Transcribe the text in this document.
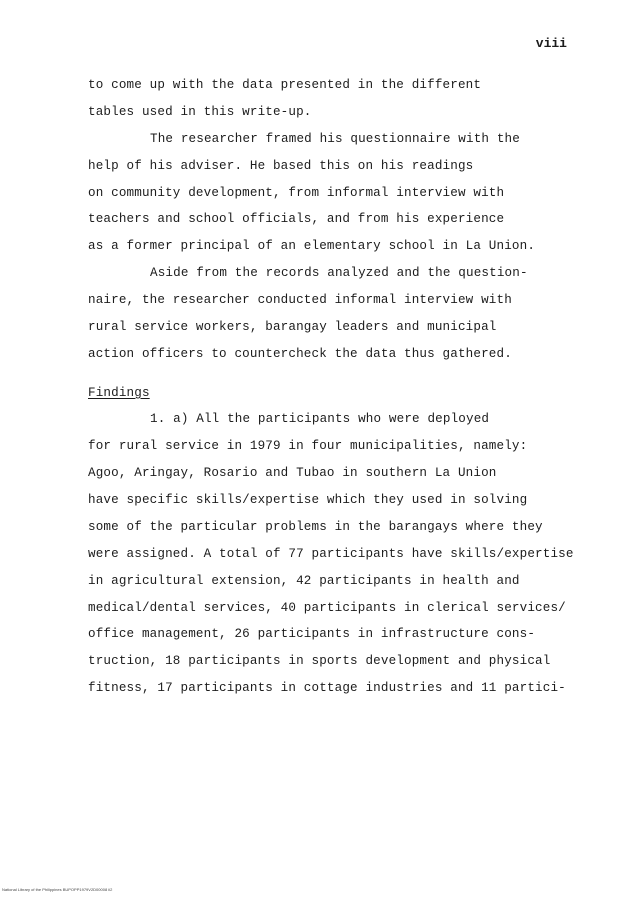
viii
to come up with the data presented in the different
tables used in this write-up.
The researcher framed his questionnaire with the
help of his adviser. He based this on his readings
on community development, from informal interview with
teachers and school officials, and from his experience
as a former principal of an elementary school in La Union.
Aside from the records analyzed and the question-
naire, the researcher conducted informal interview with
rural service workers, barangay leaders and municipal
action officers to countercheck the data thus gathered.
Findings
1. a) All the participants who were deployed
for rural service in 1979 in four municipalities, namely:
Agoo, Aringay, Rosario and Tubao in southern La Union
have specific skills/expertise which they used in solving
some of the particular problems in the barangays where they
were assigned. A total of 77 participants have skills/expertise
in agricultural extension, 42 participants in health and
medical/dental services, 40 participants in clerical services/
office management, 26 participants in infrastructure cons-
truction, 18 participants in sports development and physical
fitness, 17 participants in cottage industries and 11 partici-
National Library of the Philippines BUPOPP1979V2D00008 ii2
